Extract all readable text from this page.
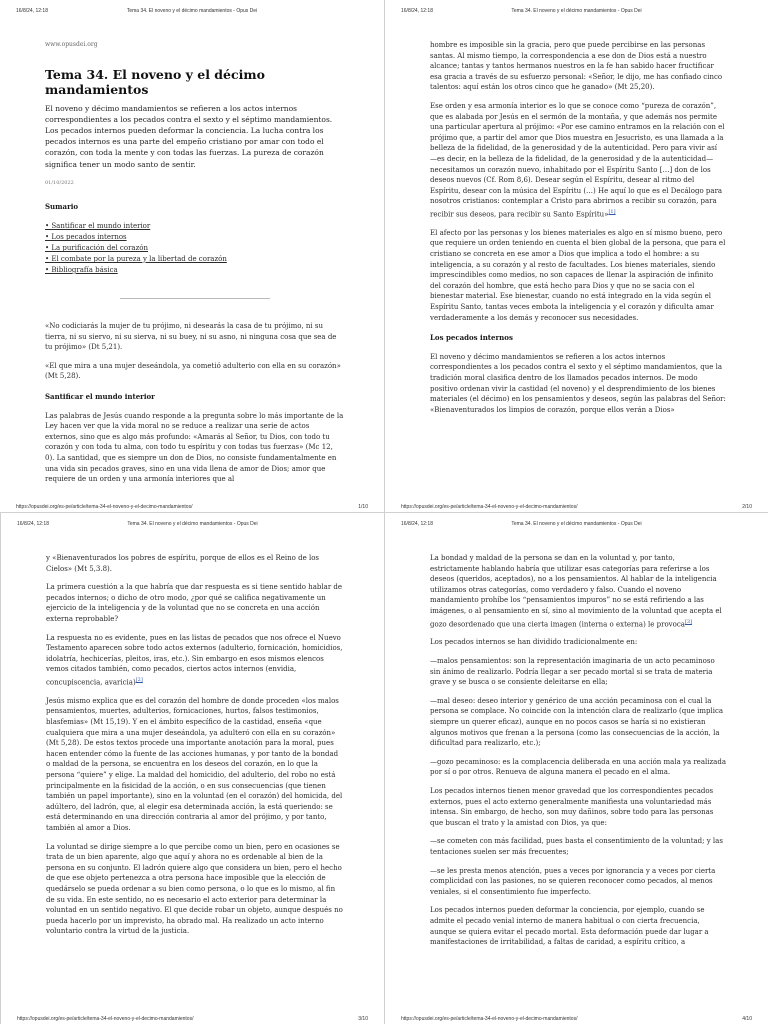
16/8/24, 12:18	Tema 34. El noveno y el décimo mandamientos - Opus Dei
www.opusdei.org
Tema 34. El noveno y el décimo mandamientos

El noveno y décimo mandamientos se refieren a los actos internos correspondientes a los pecados contra el sexto y el séptimo mandamientos. Los pecados internos pueden deformar la conciencia. La lucha contra los pecados internos es una parte del empeño cristiano por amar con todo el corazón, con toda la mente y con todas las fuerzas. La pureza de corazón significa tener un modo santo de sentir.

01/10/2022
Sumario
• Santificar el mundo interior
• Los pecados internos
• La purificación del corazón
• El combate por la pureza y la libertad de corazón
• Bibliografía básica

«No codiciarás la mujer de tu prójimo, ni desearás la casa de tu prójimo, ni su tierra, ni su siervo, ni su sierva, ni su buey, ni su asno, ni ninguna cosa que sea de tu prójimo» (Dt 5,21).

«El que mira a una mujer deseándola, ya cometió adulterio con ella en su corazón» (Mt 5,28).

Santificar el mundo interior

Las palabras de Jesús cuando responde a la pregunta sobre lo más importante de la Ley hacen ver que la vida moral no se reduce a realizar una serie de actos externos, sino que es algo más profundo: «Amarás al Señor, tu Dios, con todo tu corazón y con toda tu alma, con todo tu espíritu y con todas tus fuerzas» (Mc 12, 0). La santidad, que es siempre un don de Dios, no consiste fundamentalmente en una vida sin pecados graves, sino en una vida llena de amor de Dios; amor que requiere de un orden y una armonía interiores que al

https://opusdei.org/es-pe/article/tema-34-el-noveno-y-el-decimo-mandamientos/	1/10
16/8/24, 12:18	Tema 34. El noveno y el décimo mandamientos - Opus Dei

hombre es imposible sin la gracia, pero que puede percibirse en las personas santas. Al mismo tiempo, la correspondencia a ese don de Dios está a nuestro alcance; tantas y tantos hermanos nuestros en la fe han sabido hacer fructificar esa gracia a través de su esfuerzo personal: «Señor, le dijo, me has confiado cinco talentos: aquí están los otros cinco que he ganado» (Mt 25,20).

Ese orden y esa armonía interior es lo que se conoce como “pureza de corazón”, que es alabada por Jesús en el sermón de la montaña, y que además nos permite una particular apertura al prójimo: «Por ese camino entramos en la relación con el prójimo que, a partir del amor que Dios muestra en Jesucristo, es una llamada a la belleza de la fidelidad, de la generosidad y de la autenticidad. Pero para vivir así —es decir, en la belleza de la fidelidad, de la generosidad y de la autenticidad— necesitamos un corazón nuevo, inhabitado por el Espíritu Santo […] don de los deseos nuevos (Cf. Rom 8,6). Desear según el Espíritu, desear al ritmo del Espíritu, desear con la música del Espíritu (…) He aquí lo que es el Decálogo para nosotros cristianos: contemplar a Cristo para abrirnos a recibir su corazón, para recibir sus deseos, para recibir su Santo Espíritu»[1]

El afecto por las personas y los bienes materiales es algo en sí mismo bueno, pero que requiere un orden teniendo en cuenta el bien global de la persona, que para el cristiano se concreta en ese amor a Dios que implica a todo el hombre: a su inteligencia, a su corazón y al resto de facultades. Los bienes materiales, siendo imprescindibles como medios, no son capaces de llenar la aspiración de infinito del corazón del hombre, que está hecho para Dios y que no se sacia con el bienestar material. Ese bienestar, cuando no está integrado en la vida según el Espíritu Santo, tantas veces embota la inteligencia y el corazón y dificulta amar verdaderamente a los demás y reconocer sus necesidades.

Los pecados internos

El noveno y décimo mandamientos se refieren a los actos internos correspondientes a los pecados contra el sexto y el séptimo mandamientos, que la tradición moral clasifica dentro de los llamados pecados internos. De modo positivo ordenan vivir la castidad (el noveno) y el desprendimiento de los bienes materiales (el décimo) en los pensamientos y deseos, según las palabras del Señor: «Bienaventurados los limpios de corazón, porque ellos verán a Dios»

https://opusdei.org/es-pe/article/tema-34-el-noveno-y-el-decimo-mandamientos/	2/10
16/8/24, 12:18	Tema 34. El noveno y el décimo mandamientos - Opus Dei

y «Bienaventurados los pobres de espíritu, porque de ellos es el Reino de los Cielos» (Mt 5,3.8).

La primera cuestión a la que habría que dar respuesta es si tiene sentido hablar de pecados internos; o dicho de otro modo, ¿por qué se califica negativamente un ejercicio de la inteligencia y de la voluntad que no se concreta en una acción externa reprobable?

La respuesta no es evidente, pues en las listas de pecados que nos ofrece el Nuevo Testamento aparecen sobre todo actos externos (adulterio, fornicación, homicidios, idolatría, hechicerías, pleitos, iras, etc.). Sin embargo en esos mismos elencos vemos citados también, como pecados, ciertos actos internos (envidia, concupiscencia, avaricia)[2]

Jesús mismo explica que es del corazón del hombre de donde proceden «los malos pensamientos, muertes, adulterios, fornicaciones, hurtos, falsos testimonios, blasfemias» (Mt 15,19). Y en el ámbito específico de la castidad, enseña «que cualquiera que mira a una mujer deseándola, ya adulteró con ella en su corazón» (Mt 5,28). De estos textos procede una importante anotación para la moral, pues hacen entender cómo la fuente de las acciones humanas, y por tanto de la bondad o maldad de la persona, se encuentra en los deseos del corazón, en lo que la persona “quiere” y elige. La maldad del homicidio, del adulterio, del robo no está principalmente en la fisicidad de la acción, o en sus consecuencias (que tienen también un papel importante), sino en la voluntad (en el corazón) del homicida, del adúltero, del ladrón, que, al elegir esa determinada acción, la está queriendo: se está determinando en una dirección contraria al amor del prójimo, y por tanto, también al amor a Dios.

La voluntad se dirige siempre a lo que percibe como un bien, pero en ocasiones se trata de un bien aparente, algo que aquí y ahora no es ordenable al bien de la persona en su conjunto. El ladrón quiere algo que considera un bien, pero el hecho de que ese objeto pertenezca a otra persona hace imposible que la elección de quedárselo se pueda ordenar a su bien como persona, o lo que es lo mismo, al fin de su vida. En este sentido, no es necesario el acto exterior para determinar la voluntad en un sentido negativo. El que decide robar un objeto, aunque después no pueda hacerlo por un imprevisto, ha obrado mal. Ha realizado un acto interno voluntario contra la virtud de la justicia.

https://opusdei.org/es-pe/article/tema-34-el-noveno-y-el-decimo-mandamientos/	3/10
16/8/24, 12:18	Tema 34. El noveno y el décimo mandamientos - Opus Dei

La bondad y maldad de la persona se dan en la voluntad y, por tanto, estrictamente hablando habría que utilizar esas categorías para referirse a los deseos (queridos, aceptados), no a los pensamientos. Al hablar de la inteligencia utilizamos otras categorías, como verdadero y falso. Cuando el noveno mandamiento prohíbe los “pensamientos impuros” no se está refiriendo a las imágenes, o al pensamiento en sí, sino al movimiento de la voluntad que acepta el gozo desordenado que una cierta imagen (interna o externa) le provoca[3]

Los pecados internos se han dividido tradicionalmente en:

—malos pensamientos: son la representación imaginaria de un acto pecaminoso sin ánimo de realizarlo. Podría llegar a ser pecado mortal si se trata de materia grave y se busca o se consiente deleitarse en ella;

—mal deseo: deseo interior y genérico de una acción pecaminosa con el cual la persona se complace. No coincide con la intención clara de realizarlo (que implica siempre un querer eficaz), aunque en no pocos casos se haría si no existieran algunos motivos que frenan a la persona (como las consecuencias de la acción, la dificultad para realizarlo, etc.);

—gozo pecaminoso: es la complacencia deliberada en una acción mala ya realizada por sí o por otros. Renueva de alguna manera el pecado en el alma.

Los pecados internos tienen menor gravedad que los correspondientes pecados externos, pues el acto externo generalmente manifiesta una voluntariedad más intensa. Sin embargo, de hecho, son muy dañinos, sobre todo para las personas que buscan el trato y la amistad con Dios, ya que:

—se cometen con más facilidad, pues basta el consentimiento de la voluntad; y las tentaciones suelen ser más frecuentes;

—se les presta menos atención, pues a veces por ignorancia y a veces por cierta complicidad con las pasiones, no se quieren reconocer como pecados, al menos veniales, si el consentimiento fue imperfecto.

Los pecados internos pueden deformar la conciencia, por ejemplo, cuando se admite el pecado venial interno de manera habitual o con cierta frecuencia, aunque se quiera evitar el pecado mortal. Esta deformación puede dar lugar a manifestaciones de irritabilidad, a faltas de caridad, a espíritu crítico, a

https://opusdei.org/es-pe/article/tema-34-el-noveno-y-el-decimo-mandamientos/	4/10
